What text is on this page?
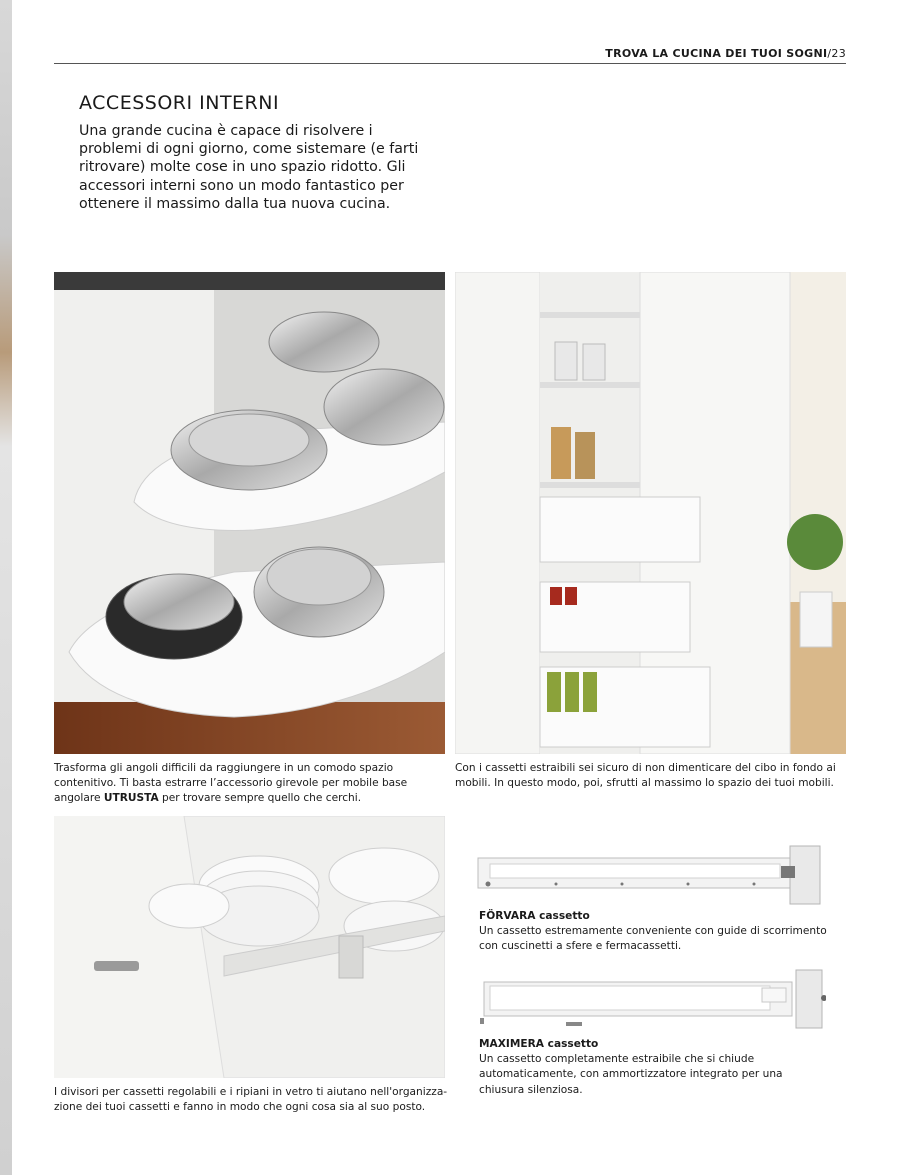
TROVA LA CUCINA DEI TUOI SOGNI/23
ACCESSORI INTERNI

Una grande cucina è capace di risolvere i problemi di ogni giorno, come sistemare (e farti ritrovare) molte cose in uno spazio ridotto. Gli accessori interni sono un modo fantastico per ottenere il massimo dalla tua nuova cucina.

Trasforma gli angoli difficili da raggiungere in un comodo spazio contenitivo. Ti basta estrarre l’accessorio girevole per mobile base angolare UTRUSTA per trovare sempre quello che cerchi.
Con i cassetti estraibili sei sicuro di non dimenticare del cibo in fondo ai mobili. In questo modo, poi, sfrutti al massimo lo spazio dei tuoi mobili.
I divisori per cassetti regolabili e i ripiani in vetro ti aiutano nell'organizza-zione dei tuoi cassetti e fanno in modo che ogni cosa sia al suo posto.
FÖRVARA cassetto
Un cassetto estremamente conveniente con guide di scorrimento con cuscinetti a sfere e fermacassetti.
MAXIMERA cassetto
Un cassetto completamente estraibile che si chiude automaticamente, con ammortizzatore integrato per una chiusura silenziosa.
